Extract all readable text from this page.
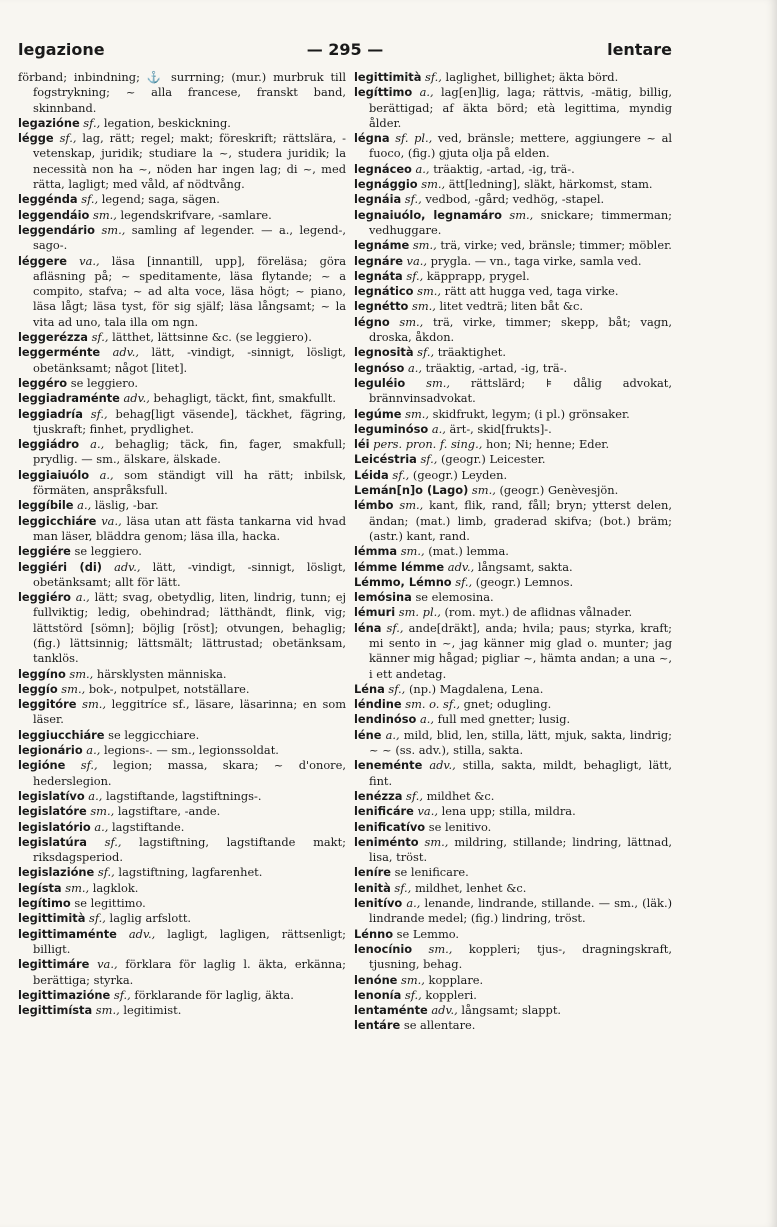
legazione	— 295 —	lentare

förband; inbindning; ⚓ surrning; (mur.) murbruk till fogstrykning; ~ alla francese, franskt band, skinnband.

legazióne sf., legation, beskickning.

légge sf., lag, rätt; regel; makt; föreskrift; rättslära, -vetenskap, juridik; studiare la ~, studera juridik; la necessità non ha ~, nöden har ingen lag; di ~, med rätta, lagligt; med våld, af nödtvång.

leggénda sf., legend; saga, sägen.

leggendáio sm., legendskrifvare, -samlare.

leggendário sm., samling af legender. — a., legend-, sago-.

léggere va., läsa [innantill, upp], föreläsa; göra afläsning på; ~ speditamente, läsa flytande; ~ a compito, stafva; ~ ad alta voce, läsa högt; ~ piano, läsa lågt; läsa tyst, för sig själf; läsa långsamt; ~ la vita ad uno, tala illa om ngn.

leggerézza sf., lätthet, lättsinne &c. (se leggiero).

leggerménte adv., lätt, -vindigt, -sinnigt, lösligt, obetänksamt; något [litet].

leggéro se leggiero.

leggiadraménte adv., behagligt, täckt, fint, smakfullt.

leggiadría sf., behag[ligt väsende], täckhet, fägring, tjuskraft; finhet, prydlighet.

leggiádro a., behaglig; täck, fin, fager, smakfull; prydlig. — sm., älskare, älskade.

leggiaiuólo a., som ständigt vill ha rätt; inbilsk, förmäten, anspråksfull.

leggíbile a., läslig, -bar.

leggicchiáre va., läsa utan att fästa tankarna vid hvad man läser, bläddra genom; läsa illa, hacka.

leggiére se leggiero.

leggiéri (di) adv., lätt, -vindigt, -sinnigt, lösligt, obetänksamt; allt för lätt.

leggiéro a., lätt; svag, obetydlig, liten, lindrig, tunn; ej fullviktig; ledig, obehindrad; lätthändt, flink, vig; lättstörd [sömn]; böjlig [röst]; otvungen, behaglig; (fig.) lättsinnig; lättsmält; lättrustad; obetänksam, tanklös.

leggíno sm., härsklysten människa.

leggío sm., bok-, notpulpet, notställare.

leggitóre sm., leggitríce sf., läsare, läsarinna; en som läser.

leggiucchiáre se leggicchiare.

legionário a., legions-. — sm., legionssoldat.

legióne sf., legion; massa, skara; ~ d'onore, hederslegion.

legislatívo a., lagstiftande, lagstiftnings-.

legislatóre sm., lagstiftare, -ande.

legislatório a., lagstiftande.

legislatúra sf., lagstiftning, lagstiftande makt; riksdagsperiod.

legislazióne sf., lagstiftning, lagfarenhet.

legísta sm., lagklok.

legítimo se legittimo.

legittimità sf., laglig arfslott.

legittimaménte adv., lagligt, lagligen, rättsenligt; billigt.

legittimáre va., förklara för laglig l. äkta, erkänna; berättiga; styrka.

legittimazióne sf., förklarande för laglig, äkta.

legittimísta sm., legitimist.

legittimità sf., laglighet, billighet; äkta börd.

legíttimo a., lag[en]lig, laga; rättvis, -mätig, billig, berättigad; af äkta börd; età legittima, myndig ålder.

légna sf. pl., ved, bränsle; mettere, aggiungere ~ al fuoco, (fig.) gjuta olja på elden.

legnáceo a., träaktig, -artad, -ig, trä-.

legnággio sm., ätt[ledning], släkt, härkomst, stam.

legnáia sf., vedbod, -gård; vedhög, -stapel.

legnaiuólo, legnamáro sm., snickare; timmerman; vedhuggare.

legnáme sm., trä, virke; ved, bränsle; timmer; möbler.

legnáre va., prygla. — vn., taga virke, samla ved.

legnáta sf., käpprapp, prygel.

legnático sm., rätt att hugga ved, taga virke.

legnétto sm., litet vedträ; liten båt &c.

légno sm., trä, virke, timmer; skepp, båt; vagn, droska, åkdon.

legnosità sf., träaktighet.

legnóso a., träaktig, -artad, -ig, trä-.

leguléio sm., rättslärd; ⊧ dålig advokat, brännvinsadvokat.

legúme sm., skidfrukt, legym; (i pl.) grönsaker.

leguminóso a., ärt-, skid[frukts]-.

léi pers. pron. f. sing., hon; Ni; henne; Eder.

Leicéstria sf., (geogr.) Leicester.

Léida sf., (geogr.) Leyden.

Lemán[n]o (Lago) sm., (geogr.) Genèvesjön.

lémbo sm., kant, flik, rand, fåll; bryn; ytterst delen, ändan; (mat.) limb, graderad skifva; (bot.) bräm; (astr.) kant, rand.

lémma sm., (mat.) lemma.

lémme lémme adv., långsamt, sakta.

Lémmo, Lémno sf., (geogr.) Lemnos.

lemósina se elemosina.

lémuri sm. pl., (rom. myt.) de aflidnas vålnader.

léna sf., ande[dräkt], anda; hvila; paus; styrka, kraft; mi sento in ~, jag känner mig glad o. munter; jag känner mig hågad; pigliar ~, hämta andan; a una ~, i ett andetag.

Léna sf., (np.) Magdalena, Lena.

léndine sm. o. sf., gnet; odugling.

lendinóso a., full med gnetter; lusig.

léne a., mild, blid, len, stilla, lätt, mjuk, sakta, lindrig; ~ ~ (ss. adv.), stilla, sakta.

leneménte adv., stilla, sakta, mildt, behagligt, lätt, fint.

lenézza sf., mildhet &c.

lenificáre va., lena upp; stilla, mildra.

lenificatívo se lenitivo.

leniménto sm., mildring, stillande; lindring, lättnad, lisa, tröst.

leníre se lenificare.

lenità sf., mildhet, lenhet &c.

lenitívo a., lenande, lindrande, stillande. — sm., (läk.) lindrande medel; (fig.) lindring, tröst.

Lénno se Lemmo.

lenocínio sm., koppleri; tjus-, dragningskraft, tjusning, behag.

lenóne sm., kopplare.

lenonía sf., koppleri.

lentaménte adv., långsamt; slappt.

lentáre se allentare.
